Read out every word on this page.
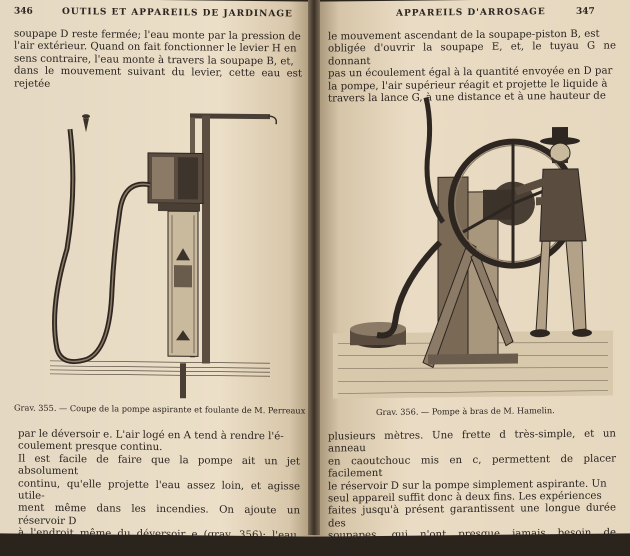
346	OUTILS ET APPAREILS DE JARDINAGE

soupape D reste fermée; l'eau monte par la pression de

l'air extérieur. Quand on fait fonctionner le levier H en

sens contraire, l'eau monte à travers la soupape B, et,

dans le mouvement suivant du levier, cette eau est rejetée

Grav. 355. — Coupe de la pompe aspirante et foulante de M. Perreaux

par le déversoir e. L'air logé en A tend à rendre l'é-

coulement presque continu.

Il est facile de faire que la pompe ait un jet absolument

continu, qu'elle projette l'eau assez loin, et agisse utile-

ment même dans les incendies. On ajoute un réservoir D

à l'endroit même du déversoir e (grav. 356); l'eau, dans

APPAREILS D'ARROSAGE	347

le mouvement ascendant de la soupape-piston B, est

obligée d'ouvrir la soupape E, et, le tuyau G ne donnant

pas un écoulement égal à la quantité envoyée en D par

la pompe, l'air supérieur réagit et projette le liquide à

travers la lance G, à une distance et à une hauteur de

Grav. 356. — Pompe à bras de M. Hamelin.

plusieurs mètres. Une frette d très-simple, et un anneau

en caoutchouc mis en c, permettent de placer facilement

le réservoir D sur la pompe simplement aspirante. Un

seul appareil suffit donc à deux fins. Les expériences

faites jusqu'à présent garantissent une longue durée des

soupapes, qui n'ont presque jamais besoin de réparation.
